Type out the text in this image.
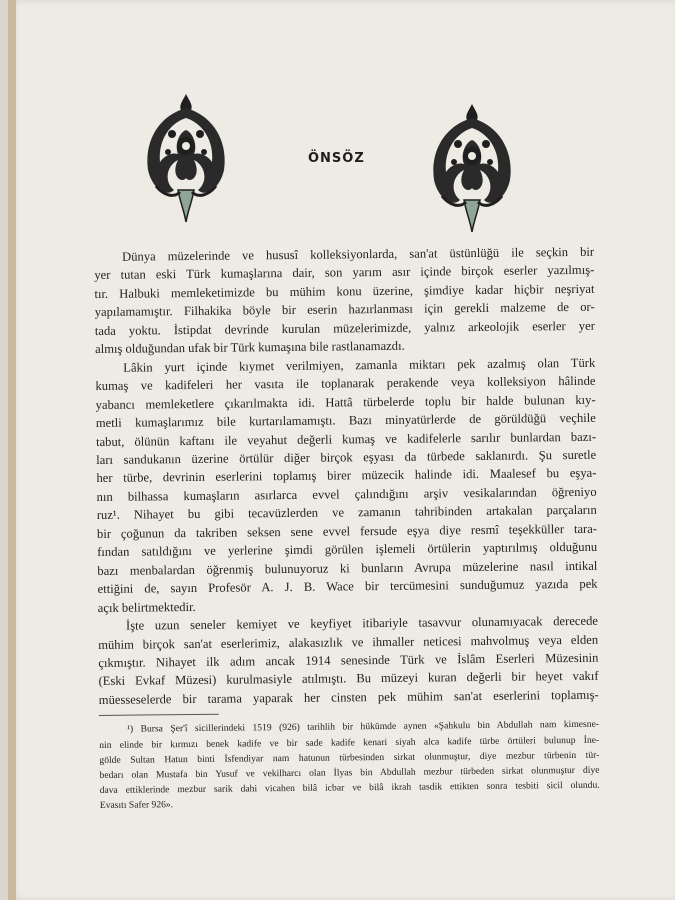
ÖNSÖZ
Dünya müzelerinde ve hususî kolleksiyonlarda, san'at üstünlüğü ile seçkin bir
yer tutan eski Türk kumaşlarına dair, son yarım asır içinde birçok eserler yazılmış-
tır. Halbuki memleketimizde bu mühim konu üzerine, şimdiye kadar hiçbir neşriyat
yapılamamıştır. Filhakika böyle bir eserin hazırlanması için gerekli malzeme de or-
tada yoktu. İstipdat devrinde kurulan müzelerimizde, yalnız arkeolojik eserler yer
almış olduğundan ufak bir Türk kumaşına bile rastlanamazdı.
Lâkin yurt içinde kıymet verilmiyen, zamanla miktarı pek azalmış olan Türk
kumaş ve kadifeleri her vasıta ile toplanarak perakende veya kolleksiyon hâlinde
yabancı memleketlere çıkarılmakta idi. Hattâ türbelerde toplu bir halde bulunan kıy-
metli kumaşlarımız bile kurtarılamamıştı. Bazı minyatürlerde de görüldüğü veçhile
tabut, ölünün kaftanı ile veyahut değerli kumaş ve kadifelerle sarılır bunlardan bazı-
ları sandukanın üzerine örtülür diğer birçok eşyası da türbede saklanırdı. Şu suretle
her türbe, devrinin eserlerini toplamış birer müzecik halinde idi. Maalesef bu eşya-
nın bilhassa kumaşların asırlarca evvel çalındığını arşiv vesikalarından öğreniyo
ruz¹. Nihayet bu gibi tecavüzlerden ve zamanın tahribinden artakalan parçaların
bir çoğunun da takriben seksen sene evvel fersude eşya diye resmî teşekküller tara-
fından satıldığını ve yerlerine şimdi görülen işlemeli örtülerin yaptırılmış olduğunu
bazı menbalardan öğrenmiş bulunuyoruz ki bunların Avrupa müzelerine nasıl intikal
ettiğini de, sayın Profesör A. J. B. Wace bir tercümesini sunduğumuz yazıda pek
açık belirtmektedir.
İşte uzun seneler kemiyet ve keyfiyet itibariyle tasavvur olunamıyacak derecede
mühim birçok san'at eserlerimiz, alakasızlık ve ihmaller neticesi mahvolmuş veya elden
çıkmıştır. Nihayet ilk adım ancak 1914 senesinde Türk ve İslâm Eserleri Müzesinin
(Eski Evkaf Müzesi) kurulmasiyle atılmıştı. Bu müzeyi kuran değerli bir heyet vakıf
müesseselerde bir tarama yaparak her cinsten pek mühim san'at eserlerini toplamış-
¹) Bursa Şer'î sicillerindeki 1519 (926) tarihlih bir hükümde aynen «Şahkulu bin Abdullah nam kimesne-
nin elinde bir kırmızı benek kadife ve bir sade kadife kenari siyah alca kadife türbe örtüleri bulunup İne-
gölde Sultan Hatun binti İsfendiyar nam hatunun türbesinden sirkat olunmuştur, diye mezbur türbenin tür-
bedarı olan Mustafa bin Yusuf ve vekilharcı olan İlyas bin Abdullah mezbur türbeden sirkat olunmuştur diye
dava ettiklerinde mezbur sarik dahi vicahen bilâ icbar ve bilâ ikrah tasdik ettikten sonra tesbiti sicil olundu.
Evasıtı Safer 926».
